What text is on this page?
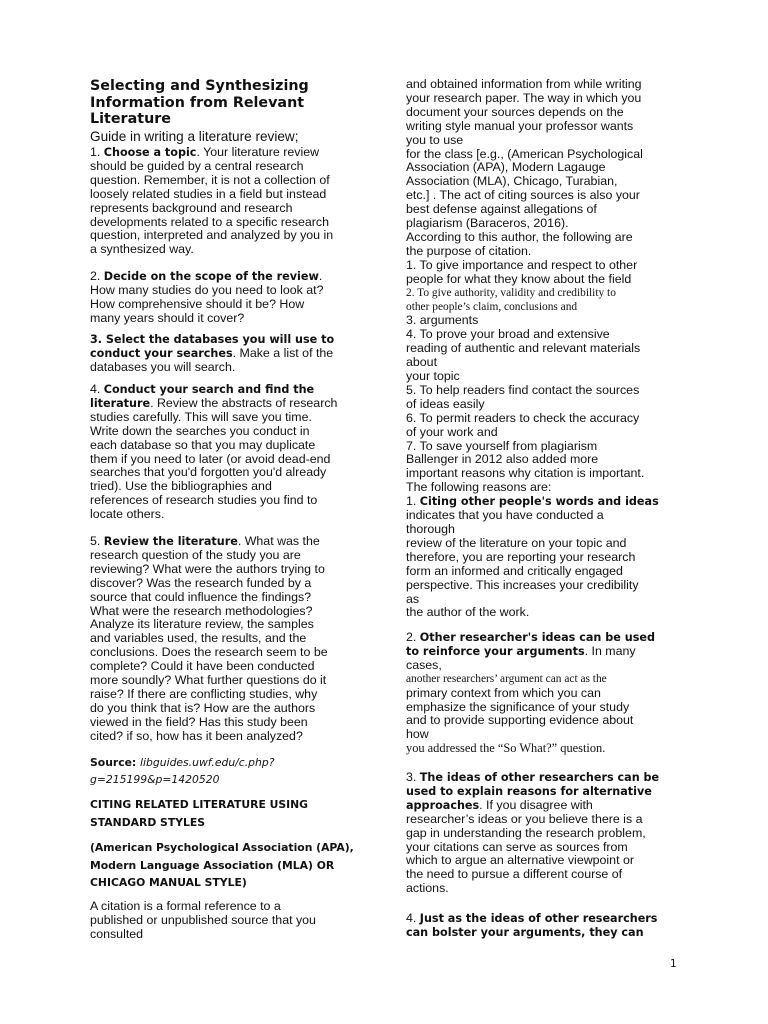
Selecting and Synthesizing
Information from Relevant
Literature
Guide in writing a literature review;
1. Choose a topic. Your literature review
should be guided by a central research
question. Remember, it is not a collection of
loosely related studies in a field but instead
represents background and research
developments related to a specific research
question, interpreted and analyzed by you in
a synthesized way.
2. Decide on the scope of the review.
How many studies do you need to look at?
How comprehensive should it be? How
many years should it cover?
3. Select the databases you will use to
conduct your searches. Make a list of the
databases you will search.
4. Conduct your search and find the
literature. Review the abstracts of research
studies carefully. This will save you time.
Write down the searches you conduct in
each database so that you may duplicate
them if you need to later (or avoid dead-end
searches that you'd forgotten you'd already
tried). Use the bibliographies and
references of research studies you find to
locate others.
5. Review the literature. What was the
research question of the study you are
reviewing? What were the authors trying to
discover? Was the research funded by a
source that could influence the findings?
What were the research methodologies?
Analyze its literature review, the samples
and variables used, the results, and the
conclusions. Does the research seem to be
complete? Could it have been conducted
more soundly? What further questions do it
raise? If there are conflicting studies, why
do you think that is? How are the authors
viewed in the field? Has this study been
cited? if so, how has it been analyzed?
Source: libguides.uwf.edu/c.php?
g=215199&p=1420520
CITING RELATED LITERATURE USING
STANDARD STYLES
(American Psychological Association (APA),
Modern Language Association (MLA) OR
CHICAGO MANUAL STYLE)
A citation is a formal reference to a
published or unpublished source that you
consulted
and obtained information from while writing
your research paper. The way in which you
document your sources depends on the
writing style manual your professor wants
you to use
for the class [e.g., (American Psychological
Association (APA), Modern Lagauge
Association (MLA), Chicago, Turabian,
etc.] . The act of citing sources is also your
best defense against allegations of
plagiarism (Baraceros, 2016).
According to this author, the following are
the purpose of citation.
1. To give importance and respect to other
people for what they know about the field
2. To give authority, validity and credibility to
other people’s claim, conclusions and
3. arguments
4. To prove your broad and extensive
reading of authentic and relevant materials
about
your topic
5. To help readers find contact the sources
of ideas easily
6. To permit readers to check the accuracy
of your work and
7. To save yourself from plagiarism
Ballenger in 2012 also added more
important reasons why citation is important.
The following reasons are:
1. Citing other people's words and ideas
indicates that you have conducted a
thorough
review of the literature on your topic and
therefore, you are reporting your research
form an informed and critically engaged
perspective. This increases your credibility
as
the author of the work.
2. Other researcher's ideas can be used
to reinforce your arguments. In many
cases,
another researchers’ argument can act as the
primary context from which you can
emphasize the significance of your study
and to provide supporting evidence about
how
you addressed the “So What?” question.
3. The ideas of other researchers can be
used to explain reasons for alternative
approaches. If you disagree with
researcher’s ideas or you believe there is a
gap in understanding the research problem,
your citations can serve as sources from
which to argue an alternative viewpoint or
the need to pursue a different course of
actions.
4. Just as the ideas of other researchers
can bolster your arguments, they can
1
